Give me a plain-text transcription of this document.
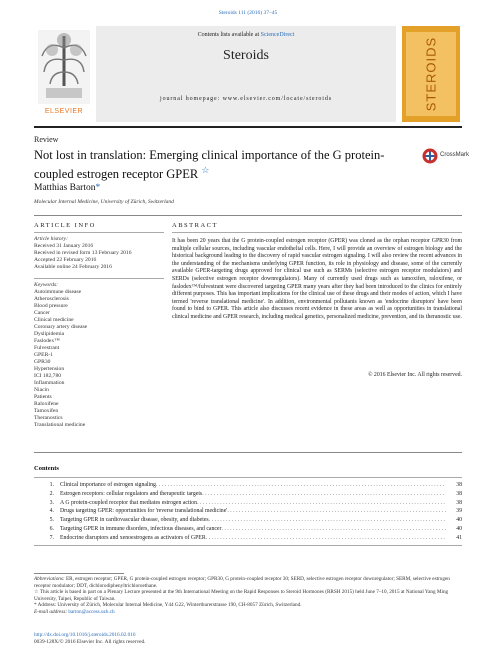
Steroids 111 (2016) 37–45
ELSEVIER
Contents lists available at ScienceDirect
Steroids
journal homepage: www.elsevier.com/locate/steroids	STEROIDS
Review
Not lost in translation: Emerging clinical importance of the G protein-coupled estrogen receptor GPER ☆
CrossMark
Matthias Barton*
Molecular Internal Medicine, University of Zürich, Switzerland
ARTICLE INFO	ABSTRACT
Article history:
Received 31 January 2016
Received in revised form 13 February 2016
Accepted 22 February 2016
Available online 24 February 2016
Keywords:
Autoimmune disease
Atherosclerosis
Blood pressure
Cancer
Clinical medicine
Coronary artery disease
Dyslipidemia
Faslodex™
Fulvestrant
GPER-1
GPR30
Hypertension
ICI 182,780
Inflammation
Niacin
Patients
Raloxifene
Tamoxifen
Theranostics
Translational medicine
It has been 20 years that the G protein-coupled estrogen receptor (GPER) was cloned as the orphan receptor GPR30 from multiple cellular sources, including vascular endothelial cells. Here, I will provide an overview of estrogen biology and the historical background leading to the discovery of rapid vascular estrogen signaling. I will also review the recent advances in the understanding of the mechanisms underlying GPER function, its role in physiology and disease, some of the currently available GPER-targeting drugs approved for clinical use such as SERMs (selective estrogen receptor modulators) and SERDs (selective estrogen receptor downregulators). Many of currently used drugs such as tamoxifen, raloxifene, or faslodex™/fulvestrant were discovered targeting GPER many years after they had been introduced to the clinics for entirely different purposes. This has important implications for the clinical use of these drugs and their modes of action, which I have termed 'reverse translational medicine'. In addition, environmental pollutants known as 'endocrine disruptors' have been found to bind to GPER. This article also discusses recent evidence in these areas as well as opportunities in translational clinical medicine and GPER research, including medical genetics, personalized medicine, prevention, and its theranostic use.
© 2016 Elsevier Inc. All rights reserved.
Contents
1.	Clinical importance of estrogen signaling . . .	38
2.	Estrogen receptors: cellular regulators and therapeutic targets . . .	38
3.	A G protein-coupled receptor that mediates estrogen action . . .	38
4.	Drugs targeting GPER: opportunities for 'reverse translational medicine' . . .	39
5.	Targeting GPER in cardiovascular disease, obesity, and diabetes . . .	40
6.	Targeting GPER in immune disorders, infectious diseases, and cancer . . .	40
7.	Endocrine disruptors and xenoestrogens as activators of GPER . . .	41

Abbreviations: ER, estrogen receptor; GPER, G protein-coupled estrogen receptor; GPR30, G protein-coupled receptor 30; SERD, selective estrogen receptor downregulator; SERM, selective estrogen receptor modulator; DDT, dichlorodiphenyltrichloroethane.

☆ This article is based in part on a Plenary Lecture presented at the 9th International Meeting on the Rapid Responses to Steroid Hormones (RRSH 2015) held June 7–10, 2015 at National Yang Ming University, Taipei, Republic of Taiwan.

* Address: University of Zürich, Molecular Internal Medicine, Y44 G22, Winterthurerstrasse 190, CH-8057 Zürich, Switzerland.

E-mail address: barton@access.uzh.ch

http://dx.doi.org/10.1016/j.steroids.2016.02.016
0039-128X/© 2016 Elsevier Inc. All rights reserved.
